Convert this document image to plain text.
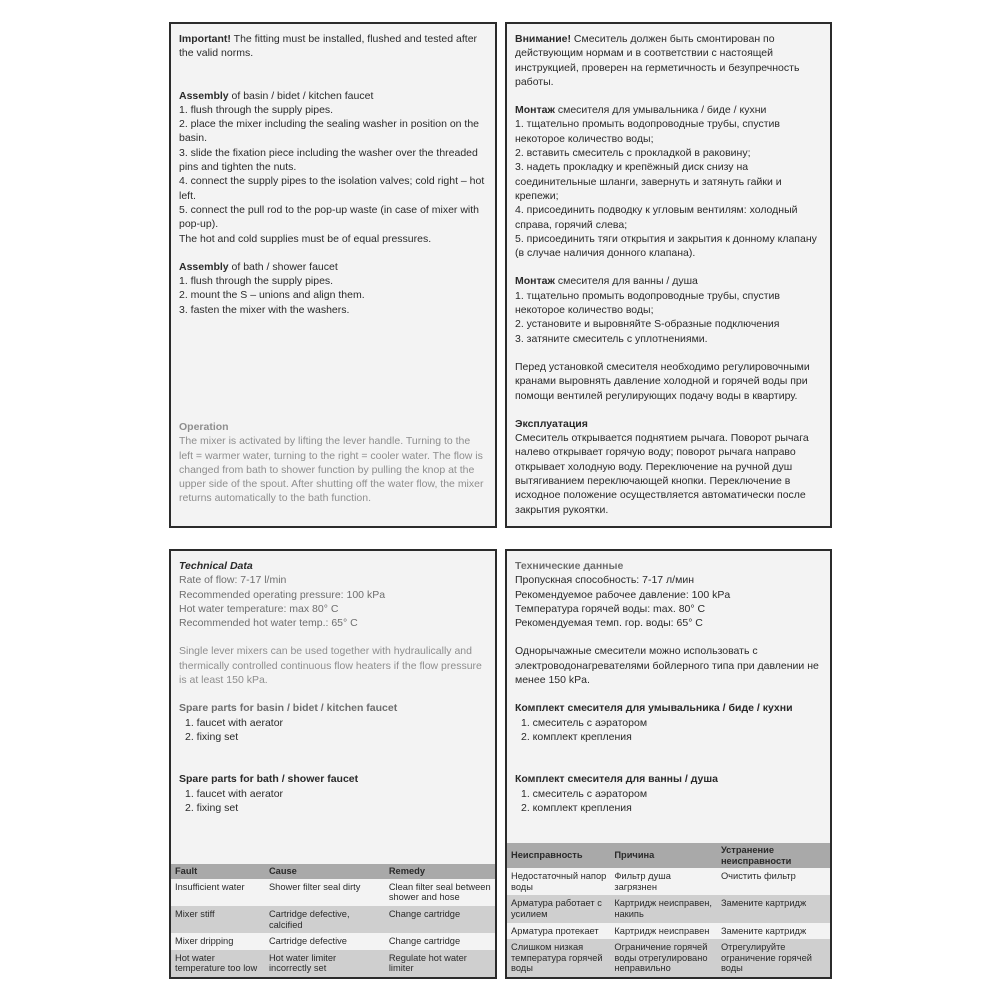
Important! The fitting must be installed, flushed and tested after the valid norms.

Assembly of basin / bidet / kitchen faucet

1. flush through the supply pipes.

2. place the mixer including the sealing washer in position on the basin.

3. slide the fixation piece including the washer over the threaded pins and tighten the nuts.

4. connect the supply pipes to the isolation valves; cold right – hot left.

5. connect the pull rod to the pop-up waste (in case of mixer with pop-up).

The hot and cold supplies must be of equal pressures.

Assembly of bath / shower faucet

1. flush through the supply pipes.

2. mount the S – unions and align them.

3. fasten the mixer with the washers.

Operation

The mixer is activated by lifting the lever handle. Turning to the left = warmer water, turning to the right = cooler water. The flow is changed from bath to shower function by pulling the knop at the upper side of the spout. After shutting off the water flow, the mixer returns automatically to the bath function.

Внимание! Смеситель должен быть смонтирован по действующим нормам и в соответствии с настоящей инструкцией, проверен на герметичность и безупречность работы.

Монтаж смесителя для умывальника / биде / кухни

1. тщательно промыть водопроводные трубы, спустив некоторое количество воды;

2. вставить смеситель с прокладкой в раковину;

3. надеть прокладку и крепёжный диск снизу на соединительные шланги, завернуть и затянуть гайки и крепежи;

4. присоединить подводку к угловым вентилям: холодный справа, горячий слева;

5. присоединить тяги открытия и закрытия к донному клапану (в случае наличия донного клапана).

Монтаж смесителя для ванны / душа

1. тщательно промыть водопроводные трубы, спустив некоторое количество воды;

2. установите и выровняйте S-образные подключения

3. затяните смеситель с уплотнениями.

Перед установкой смесителя необходимо регулировочными кранами выровнять давление холодной и горячей воды при помощи вентилей регулирующих подачу воды в квартиру.

Эксплуатация

Смеситель открывается поднятием рычага. Поворот рычага налево открывает горячую воду; поворот рычага направо открывает холодную воду. Переключение на ручной душ вытягиванием переключающей кнопки. Переключение в исходное положение осуществляется автоматически после закрытия рукоятки.

Technical Data

Rate of flow: 7-17 l/min

Recommended operating pressure: 100 kPa

Hot water temperature: max 80° C

Recommended hot water temp.: 65° C

Single lever mixers can be used together with hydraulically and thermically controlled continuous flow heaters if the flow pressure is at least 150 kPa.

Spare parts for basin / bidet / kitchen faucet

1. faucet with aerator

2. fixing set

Spare parts for bath / shower faucet

1. faucet with aerator

2. fixing set

Fault	Cause	Remedy
Insufficient water	Shower filter seal dirty	Clean filter seal between shower and hose
Mixer stiff	Cartridge defective, calcified	Change cartridge
Mixer dripping	Cartridge defective	Change cartridge
Hot water temperature too low	Hot water limiter incorrectly set	Regulate hot water limiter

Технические данные

Пропускная способность: 7-17 л/мин

Рекомендуемое рабочее давление: 100 kPa

Температура горячей воды: max. 80° C

Рекомендуемая темп. гор. воды: 65° C

Однорычажные смесители можно использовать с электроводонагревателями бойлерного типа при давлении не менее 150 kPa.

Комплект смесителя для умывальника / биде / кухни

1. смеситель с аэратором

2. комплект крепления

Комплект смесителя для ванны / душа

1. смеситель с аэратором

2. комплект крепления

Неисправность	Причина	Устранение неисправности
Недостаточный напор воды	Фильтр душа загрязнен	Очистить фильтр
Арматура работает с усилием	Картридж неисправен, накипь	Замените картридж
Арматура протекает	Картридж неисправен	Замените картридж
Слишком низкая температура горячей воды	Ограничение горячей воды отрегулировано неправильно	Отрегулируйте ограничение горячей воды
